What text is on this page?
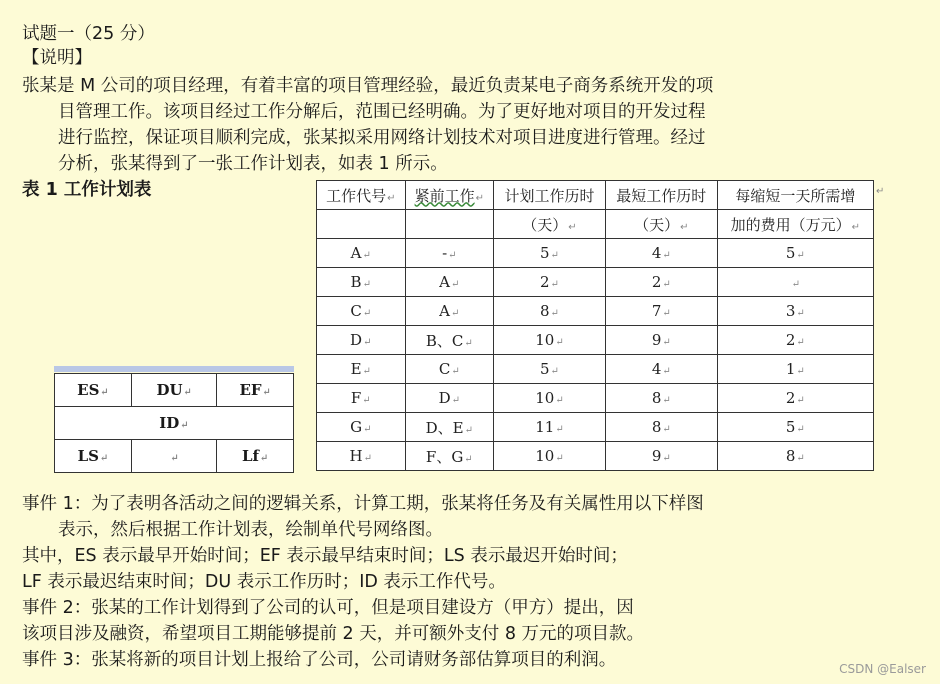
试题一（25 分）
【说明】
张某是 M 公司的项目经理，有着丰富的项目管理经验，最近负责某电子商务系统开发的项
目管理工作。该项目经过工作分解后，范围已经明确。为了更好地对项目的开发过程
进行监控，保证项目顺利完成，张某拟采用网络计划技术对项目进度进行管理。经过
分析，张某得到了一张工作计划表，如表 1 所示。
表 1 工作计划表	工作代号↵	紧前工作↵	计划工作历时	最短工作历时	每缩短一天所需增
		（天）↵	（天）↵	加的费用（万元）↵
A↵	-↵	5↵	4↵	5↵
B↵	A↵	2↵	2↵	↵
C↵	A↵	8↵	7↵	3↵
D↵	B、C↵	10↵	9↵	2↵
E↵	C↵	5↵	4↵	1↵
F↵	D↵	10↵	8↵	2↵
G↵	D、E↵	11↵	8↵	5↵
H↵	F、G↵	10↵	9↵	8↵
↵
ES↵	DU↵	EF↵
ID↵		
LS↵	↵	Lf↵
事件 1：为了表明各活动之间的逻辑关系，计算工期，张某将任务及有关属性用以下样图
表示，然后根据工作计划表，绘制单代号网络图。
其中，ES 表示最早开始时间；EF 表示最早结束时间；LS 表示最迟开始时间；
LF 表示最迟结束时间；DU 表示工作历时；ID 表示工作代号。
事件 2：张某的工作计划得到了公司的认可，但是项目建设方（甲方）提出，因
该项目涉及融资，希望项目工期能够提前 2 天，并可额外支付 8 万元的项目款。
事件 3：张某将新的项目计划上报给了公司，公司请财务部估算项目的利润。	CSDN @Ealser
